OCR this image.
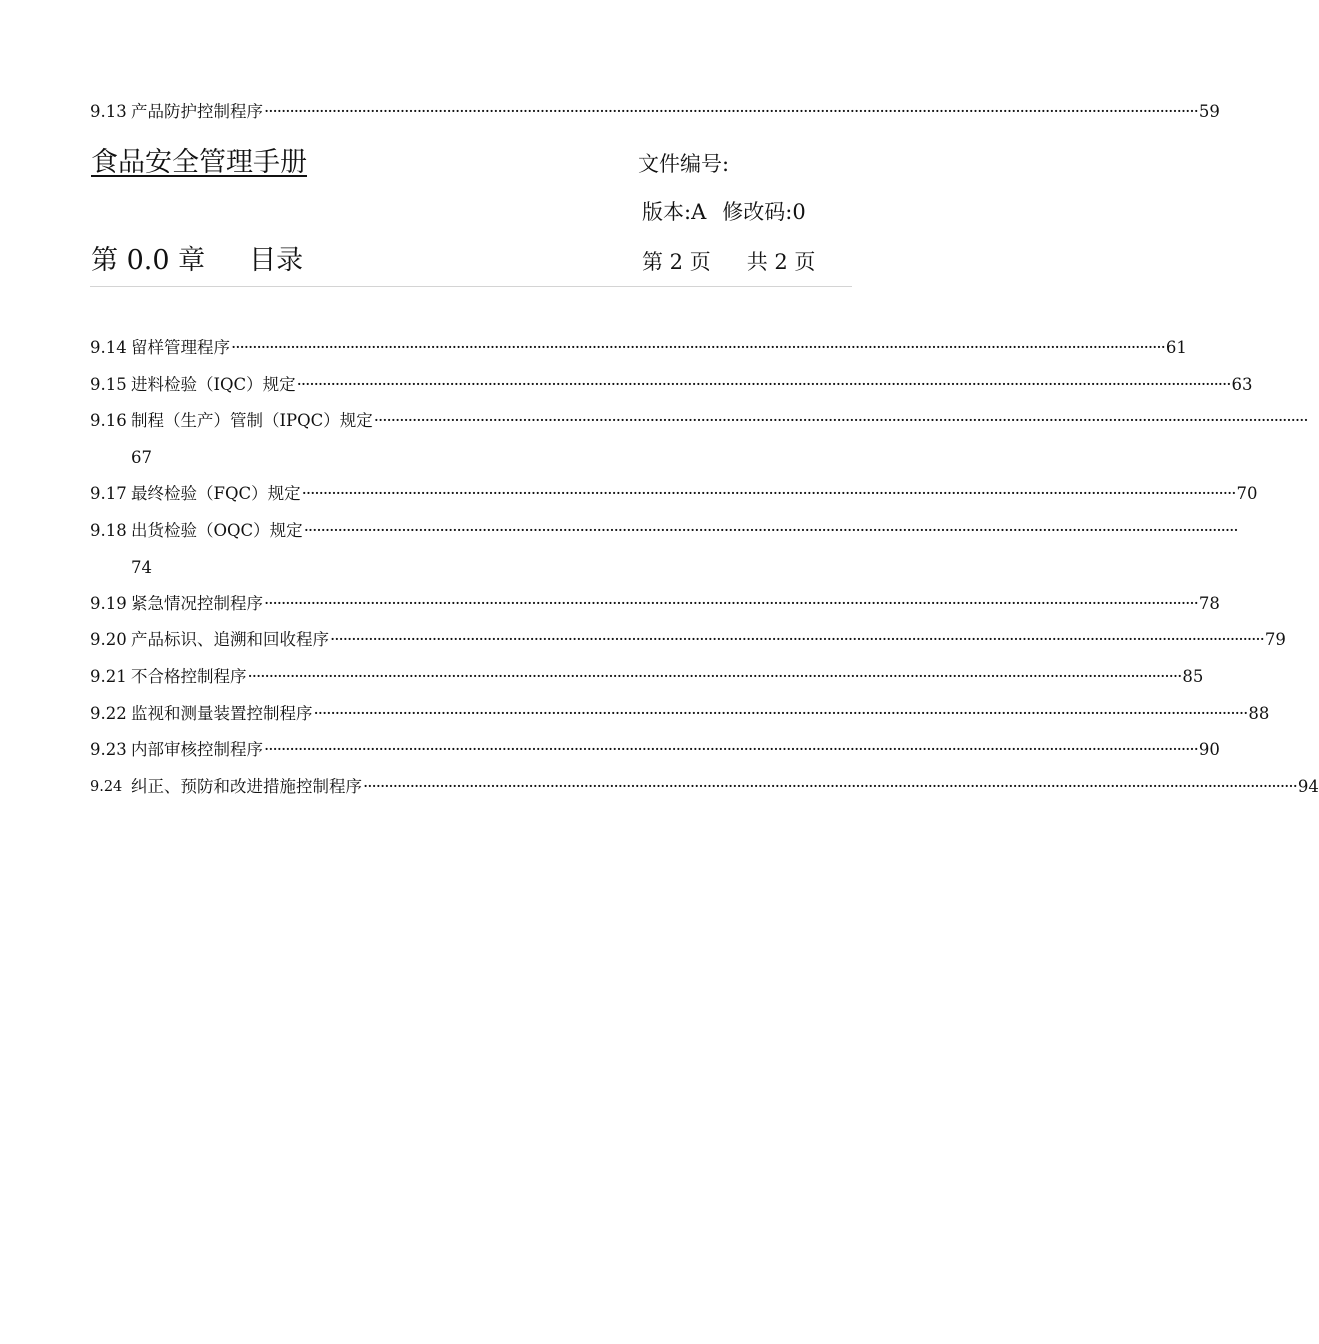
9.13 产品防护控制程序 ···························································································································································································································· 59
食品安全管理手册	文件编号:
版本:A 修改码:0
第 0.0 章 目录	第 2 页 共 2 页
9.14 留样管理程序 ···························································································································································································································· 61
9.15 进料检验（IQC）规定 ···························································································································································································································· 63
9.16 制程（生产）管制（IPQC）规定 ····························································································································································································································
67
9.17 最终检验（FQC）规定 ···························································································································································································································· 70
9.18 出货检验（OQC）规定 ····························································································································································································································
74
9.19 紧急情况控制程序 ···························································································································································································································· 78
9.20 产品标识、追溯和回收程序 ···························································································································································································································· 79
9.21 不合格控制程序 ···························································································································································································································· 85
9.22 监视和测量装置控制程序 ···························································································································································································································· 88
9.23 内部审核控制程序 ···························································································································································································································· 90
9.24 纠正、预防和改进措施控制程序 ···························································································································································································································· 94
